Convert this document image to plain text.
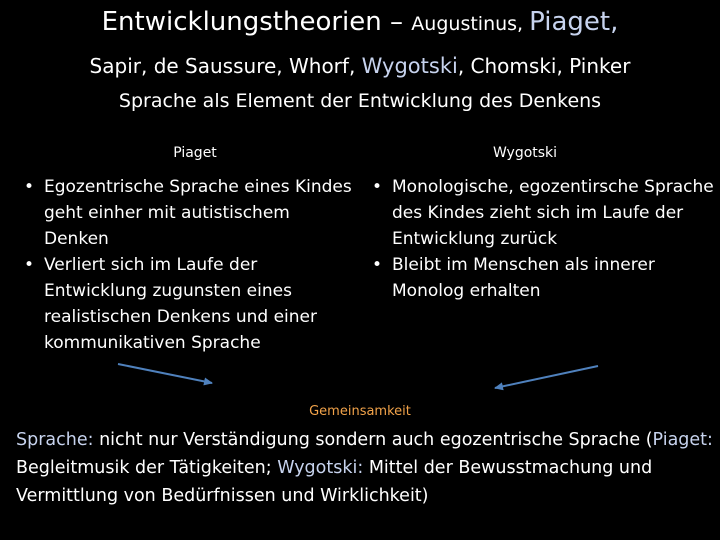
Entwicklungstheorien – Augustinus, Piaget,
Sapir, de Saussure, Whorf, Wygotski, Chomski, Pinker
Sprache als Element der Entwicklung des Denkens
Piaget	Wygotski
• Egozentrische Sprache eines Kindes geht einher mit autistischem Denken
• Verliert sich im Laufe der Entwicklung zugunsten eines realistischen Denkens und einer kommunikativen Sprache
• Monologische, egozentirsche Sprache des Kindes zieht sich im Laufe der Entwicklung zurück
• Bleibt im Menschen als innerer Monolog erhalten
Gemeinsamkeit
Sprache: nicht nur Verständigung sondern auch egozentrische Sprache (Piaget: Begleitmusik der Tätigkeiten; Wygotski: Mittel der Bewusstmachung und Vermittlung von Bedürfnissen und Wirklichkeit)
